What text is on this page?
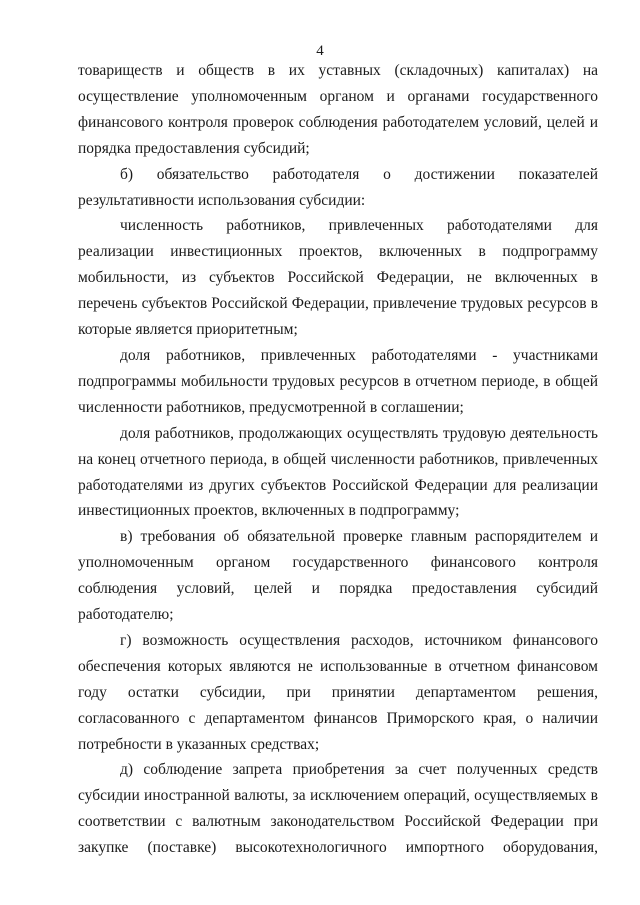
4

товариществ и обществ в их уставных (складочных) капиталах) на осуществление уполномоченным органом и органами государственного финансового контроля проверок соблюдения работодателем условий, целей и порядка предоставления субсидий;

б) обязательство работодателя о достижении показателей результативности использования субсидии:

численность работников, привлеченных работодателями для реализации инвестиционных проектов, включенных в подпрограмму мобильности, из субъектов Российской Федерации, не включенных в перечень субъектов Российской Федерации, привлечение трудовых ресурсов в которые является приоритетным;

доля работников, привлеченных работодателями - участниками подпрограммы мобильности трудовых ресурсов в отчетном периоде, в общей численности работников, предусмотренной в соглашении;

доля работников, продолжающих осуществлять трудовую деятельность на конец отчетного периода, в общей численности работников, привлеченных работодателями из других субъектов Российской Федерации для реализации инвестиционных проектов, включенных в подпрограмму;

в) требования об обязательной проверке главным распорядителем и уполномоченным органом государственного финансового контроля соблюдения условий, целей и порядка предоставления субсидий работодателю;

г) возможность осуществления расходов, источником финансового обеспечения которых являются не использованные в отчетном финансовом году остатки субсидии, при принятии департаментом решения, согласованного с департаментом финансов Приморского края, о наличии потребности в указанных средствах;

д) соблюдение запрета приобретения за счет полученных средств субсидии иностранной валюты, за исключением операций, осуществляемых в соответствии с валютным законодательством Российской Федерации при закупке (поставке) высокотехнологичного импортного оборудования,
